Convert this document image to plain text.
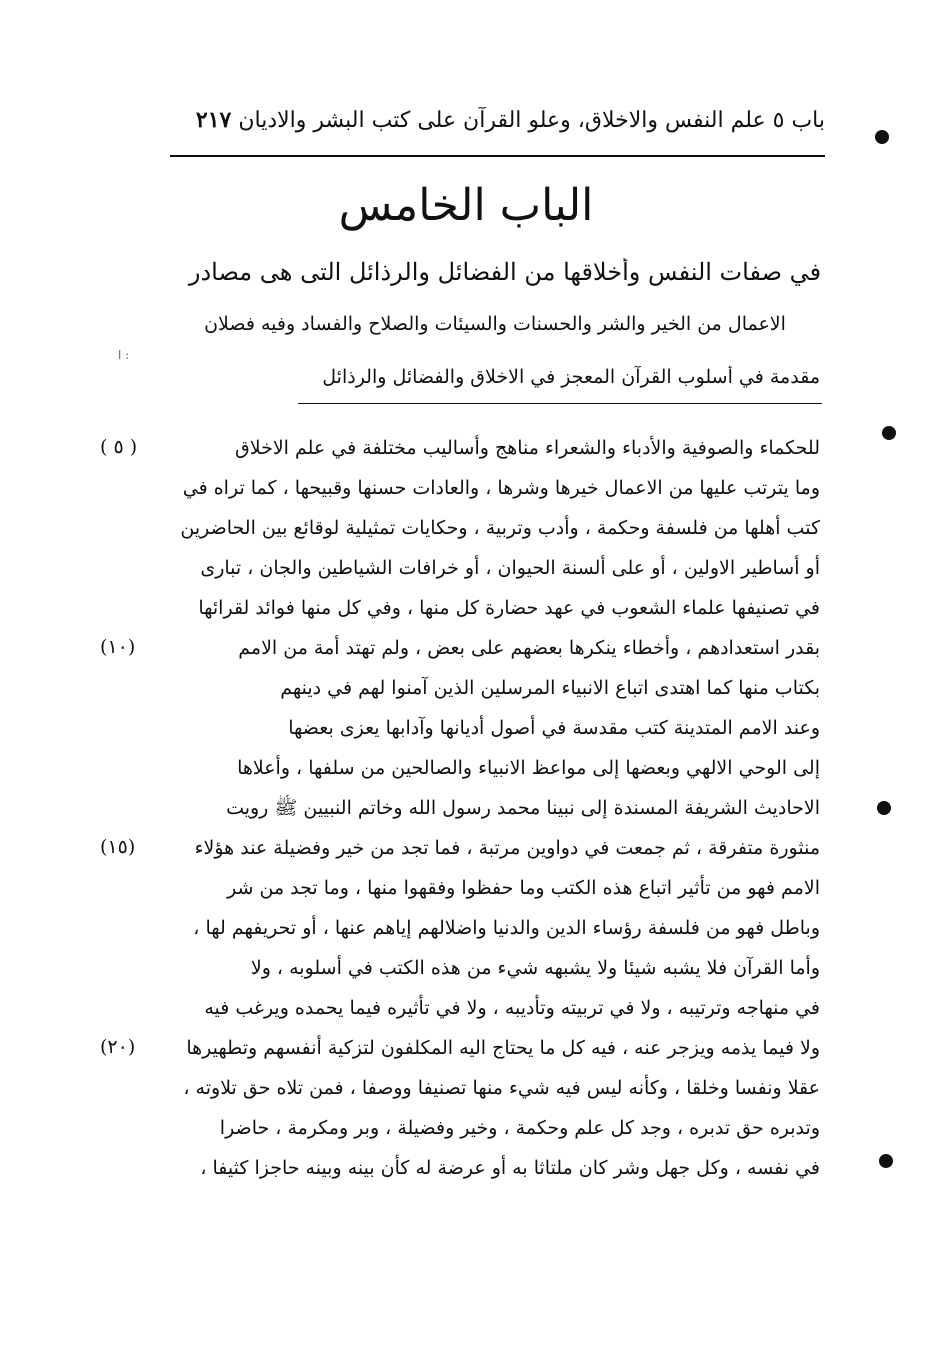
باب ٥ علم النفس والاخلاق، وعلو القرآن على كتب البشر والاديان ٢١٧
الباب الخامس
في صفات النفس وأخلاقها من الفضائل والرذائل التى هى مصادر
الاعمال من الخير والشر والحسنات والسيئات والصلاح والفساد وفيه فصلان
ا :
مقدمة في أسلوب القرآن المعجز في الاخلاق والفضائل والرذائل
للحكماء والصوفية والأدباء والشعراء مناهج وأساليب مختلفة في علم الاخلاق
وما يترتب عليها من الاعمال خيرها وشرها ، والعادات حسنها وقبيحها ، كما تراه في
كتب أهلها من فلسفة وحكمة ، وأدب وتربية ، وحكايات تمثيلية لوقائع بين الحاضرين
أو أساطير الاولين ، أو على ألسنة الحيوان ، أو خرافات الشياطين والجان ، تبارى
في تصنيفها علماء الشعوب في عهد حضارة كل منها ، وفي كل منها فوائد لقرائها
بقدر استعدادهم ، وأخطاء ينكرها بعضهم على بعض ، ولم تهتد أمة من الامم
بكتاب منها كما اهتدى اتباع الانبياء المرسلين الذين آمنوا لهم في دينهم
وعند الامم المتدينة كتب مقدسة في أصول أديانها وآدابها يعزى بعضها
إلى الوحي الالهي وبعضها إلى مواعظ الانبياء والصالحين من سلفها ، وأعلاها
الاحاديث الشريفة المسندة إلى نبينا محمد رسول الله وخاتم النبيين ﷺ رويت
منثورة متفرقة ، ثم جمعت في دواوين مرتبة ، فما تجد من خير وفضيلة عند هؤلاء
الامم فهو من تأثير اتباع هذه الكتب وما حفظوا وفقهوا منها ، وما تجد من شر
وباطل فهو من فلسفة رؤساء الدين والدنيا واضلالهم إياهم عنها ، أو تحريفهم لها ،
وأما القرآن فلا يشبه شيئا ولا يشبهه شيء من هذه الكتب في أسلوبه ، ولا
في منهاجه وترتيبه ، ولا في تربيته وتأديبه ، ولا في تأثيره فيما يحمده ويرغب فيه
ولا فيما يذمه ويزجر عنه ، فيه كل ما يحتاج اليه المكلفون لتزكية أنفسهم وتطهيرها
عقلا ونفسا وخلقا ، وكأنه ليس فيه شيء منها تصنيفا ووصفا ، فمن تلاه حق تلاوته ،
وتدبره حق تدبره ، وجد كل علم وحكمة ، وخير وفضيلة ، وبر ومكرمة ، حاضرا
في نفسه ، وكل جهل وشر كان ملتاثا به أو عرضة له كأن بينه وبينه حاجزا كثيفا ،
( ٥ )
(١٠)
(١٥)
(٢٠)
